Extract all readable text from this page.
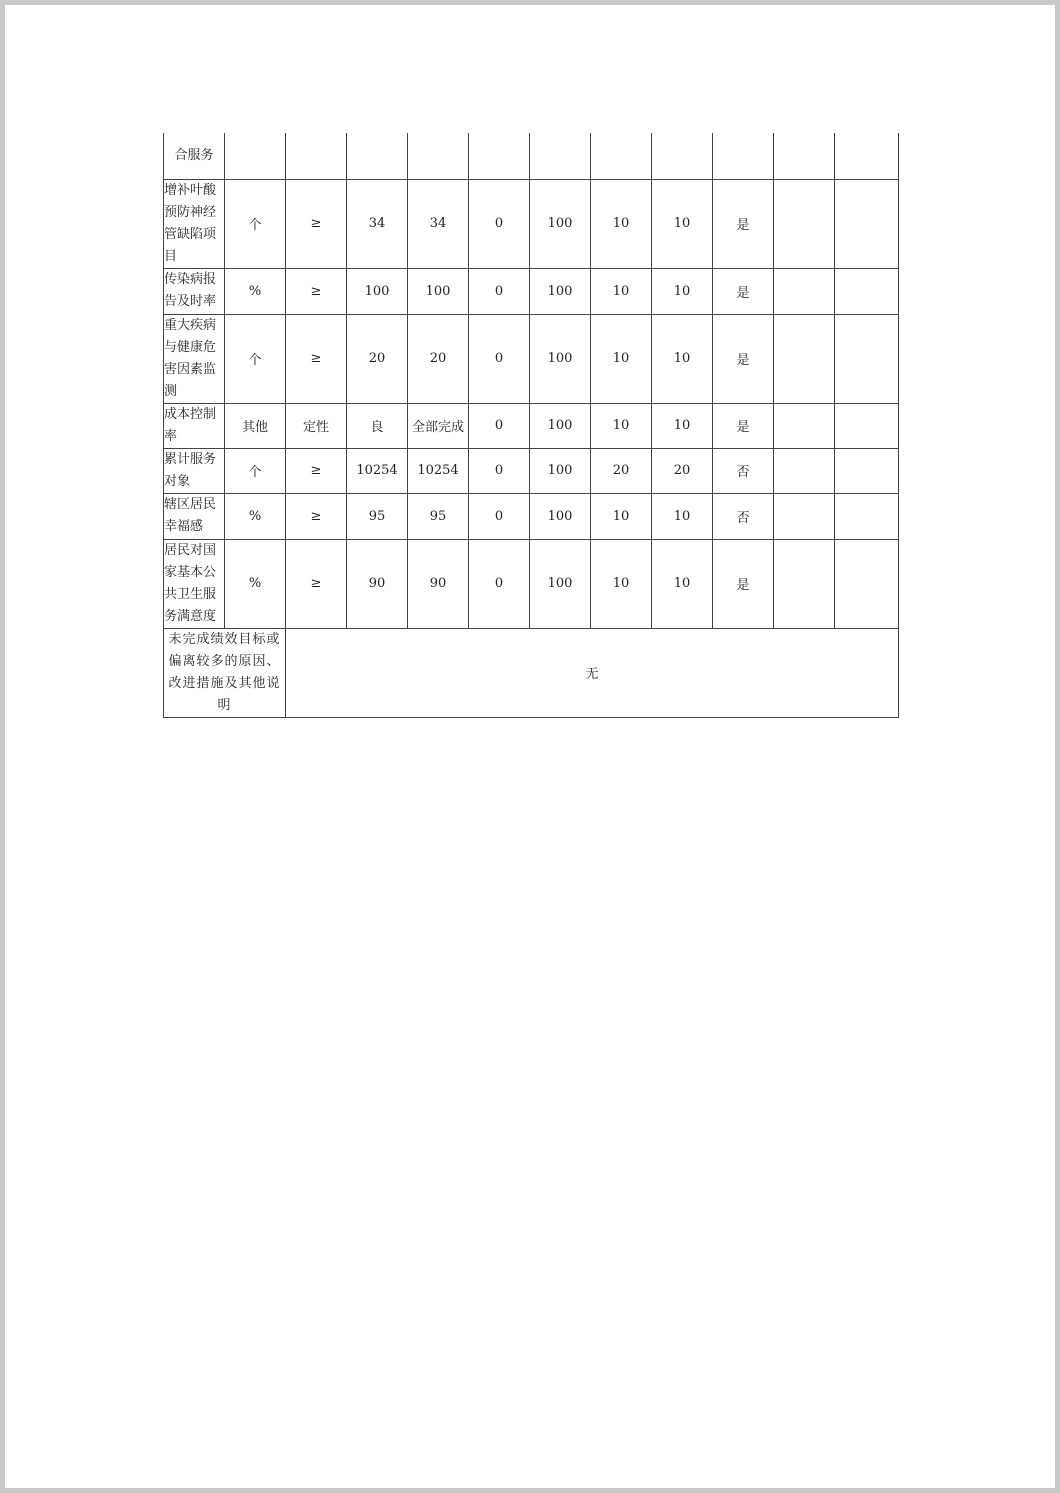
合服务											
增补叶酸预防神经管缺陷项目	个	≥	34	34	0	100	10	10	是		
传染病报告及时率	%	≥	100	100	0	100	10	10	是		
重大疾病与健康危害因素监测	个	≥	20	20	0	100	10	10	是		
成本控制率	其他	定性	良	全部完成	0	100	10	10	是		
累计服务对象	个	≥	10254	10254	0	100	20	20	否		
辖区居民幸福感	%	≥	95	95	0	100	10	10	否		
居民对国家基本公共卫生服务满意度	%	≥	90	90	0	100	10	10	是		
未完成绩效目标或偏离较多的原因、改进措施及其他说明		无									
